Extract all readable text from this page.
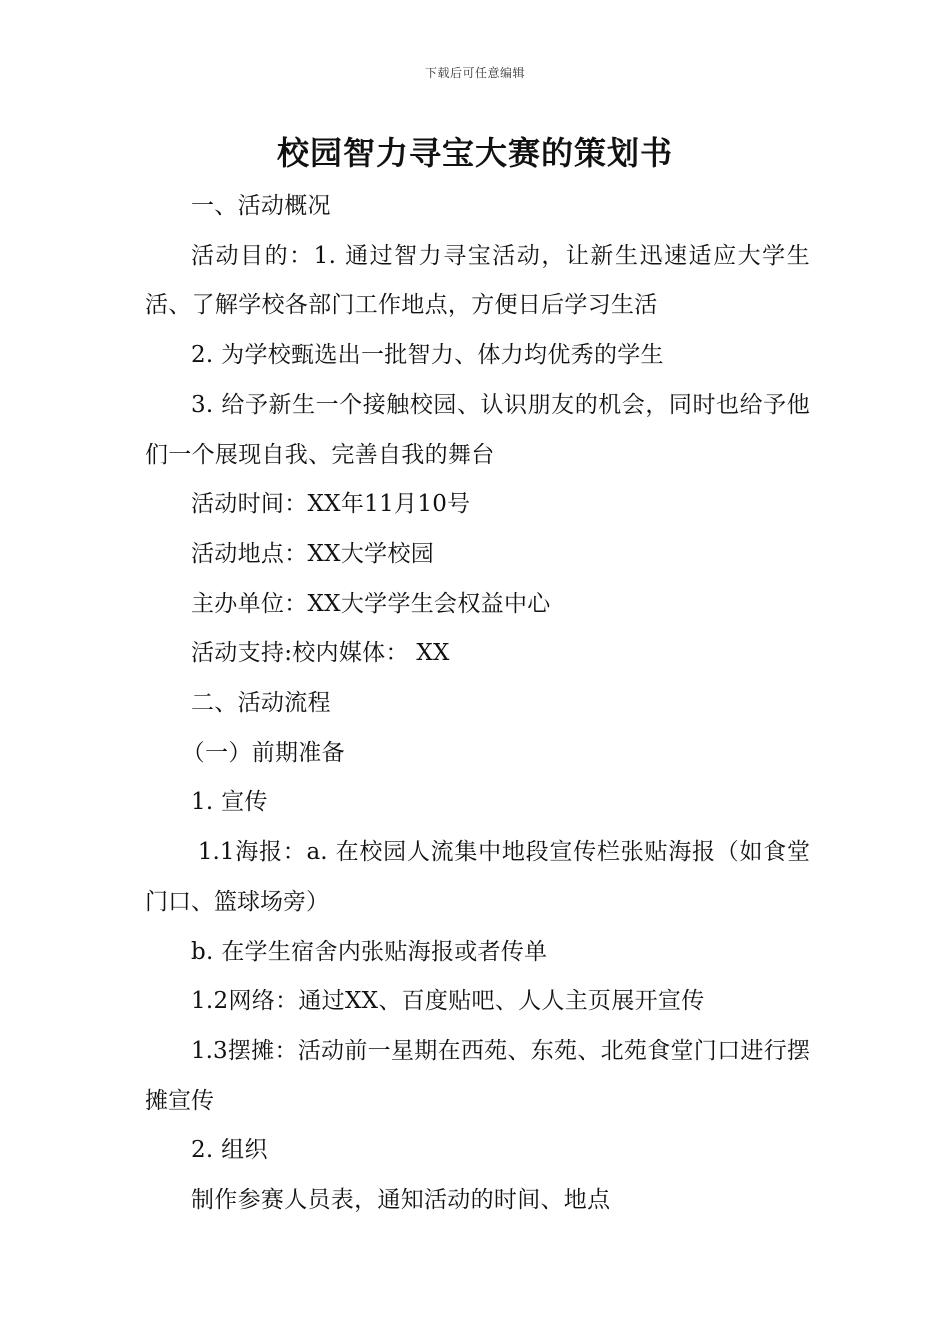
下载后可任意编辑
校园智力寻宝大赛的策划书

一、活动概况

活动目的：1. 通过智力寻宝活动，让新生迅速适应大学生活、了解学校各部门工作地点，方便日后学习生活

2. 为学校甄选出一批智力、体力均优秀的学生

3. 给予新生一个接触校园、认识朋友的机会，同时也给予他们一个展现自我、完善自我的舞台

活动时间：XX年11月10号

活动地点：XX大学校园

主办单位：XX大学学生会权益中心

活动支持:校内媒体： XX

二、活动流程

（一）前期准备

1. 宣传

1.1海报：a. 在校园人流集中地段宣传栏张贴海报（如食堂门口、篮球场旁）

b. 在学生宿舍内张贴海报或者传单

1.2网络：通过XX、百度贴吧、人人主页展开宣传

1.3摆摊：活动前一星期在西苑、东苑、北苑食堂门口进行摆摊宣传

2. 组织

制作参赛人员表，通知活动的时间、地点
